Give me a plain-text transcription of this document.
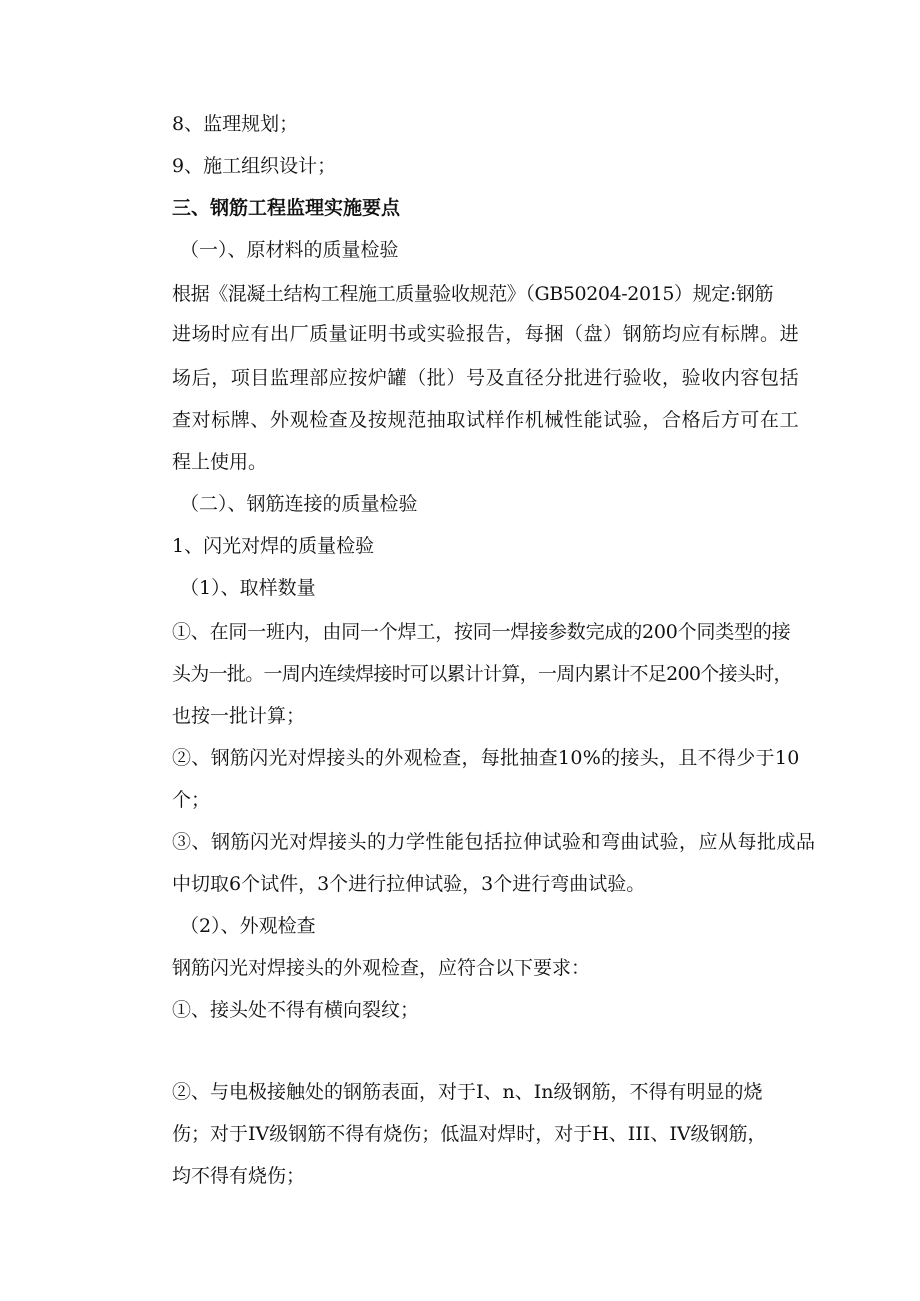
8、监理规划；
9、施工组织设计；
三、钢筋工程监理实施要点
（一）、原材料的质量检验
根据《混凝土结构工程施工质量验收规范》（GB50204-2015）规定:钢筋
进场时应有出厂质量证明书或实验报告，每捆（盘）钢筋均应有标牌。进
场后，项目监理部应按炉罐（批）号及直径分批进行验收，验收内容包括
查对标牌、外观检查及按规范抽取试样作机械性能试验，合格后方可在工
程上使用。
（二）、钢筋连接的质量检验
1、闪光对焊的质量检验
（1）、取样数量
①、在同一班内，由同一个焊工，按同一焊接参数完成的200个同类型的接
头为一批。一周内连续焊接时可以累计计算，一周内累计不足200个接头时，
也按一批计算；
②、钢筋闪光对焊接头的外观检查，每批抽查10%的接头，且不得少于10
个；
③、钢筋闪光对焊接头的力学性能包括拉伸试验和弯曲试验，应从每批成品
中切取6个试件，3个进行拉伸试验，3个进行弯曲试验。
（2）、外观检查
钢筋闪光对焊接头的外观检查，应符合以下要求：
①、接头处不得有横向裂纹；
②、与电极接触处的钢筋表面，对于I、n、In级钢筋，不得有明显的烧
伤；对于IV级钢筋不得有烧伤；低温对焊时，对于H、III、IV级钢筋，
均不得有烧伤；
